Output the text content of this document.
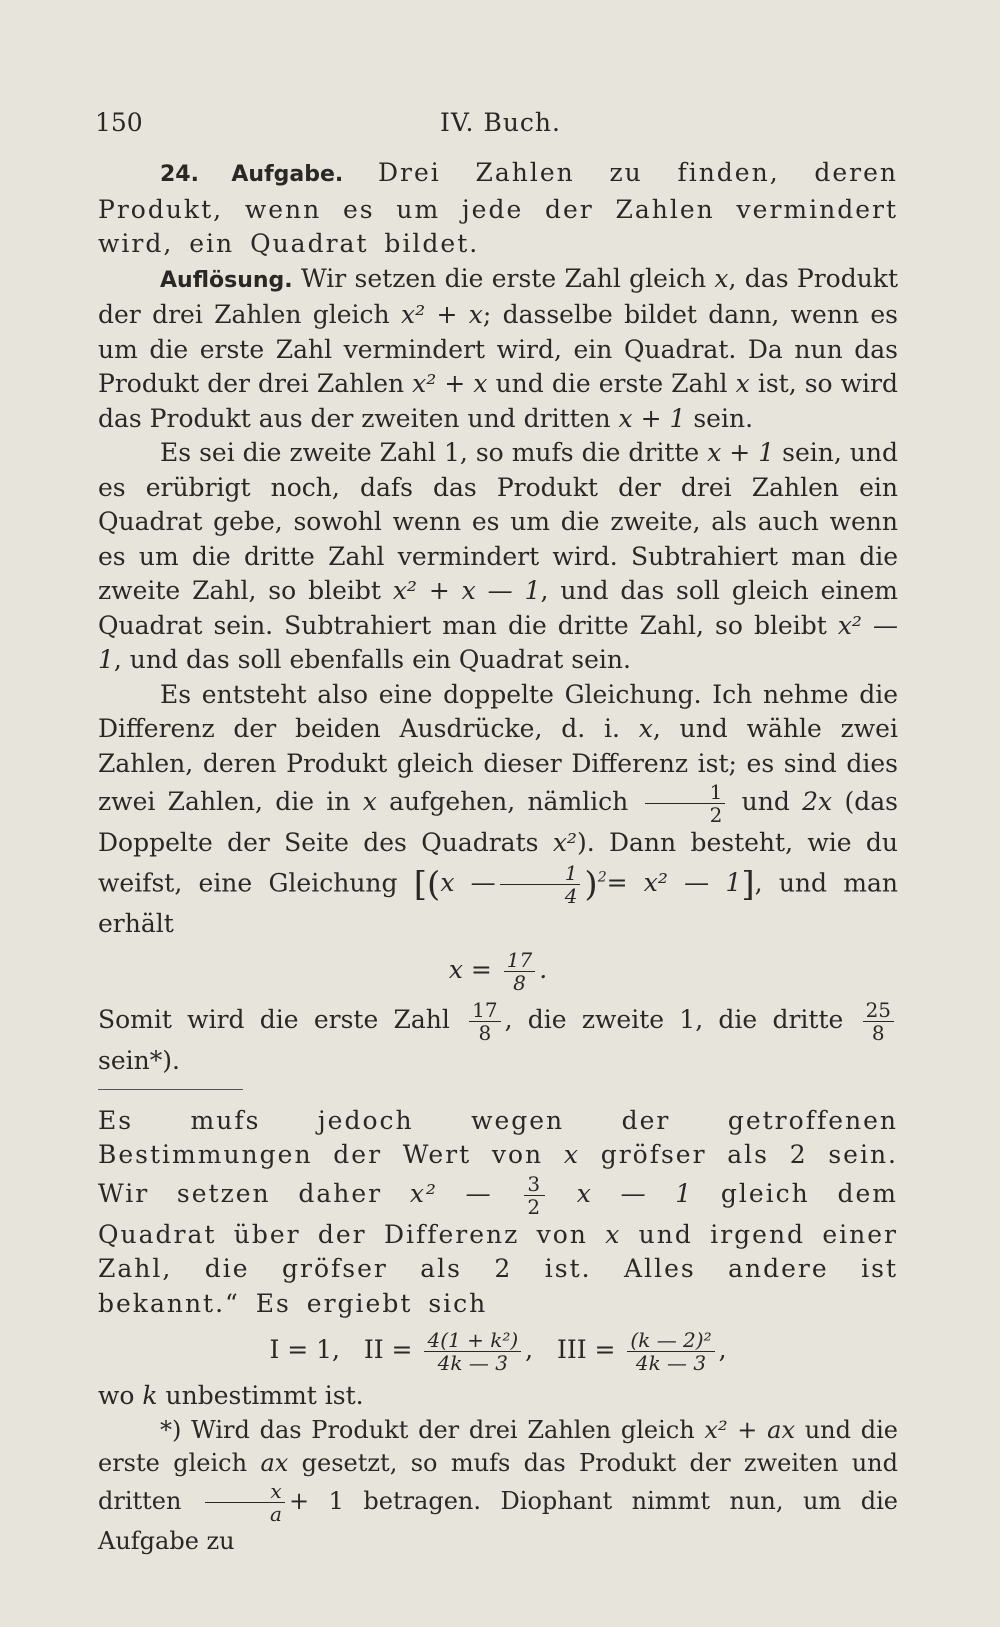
150	IV. Buch.

24. Aufgabe. Drei Zahlen zu finden, deren Produkt, wenn es um jede der Zahlen vermindert wird, ein Quadrat bildet.

Auflösung. Wir setzen die erste Zahl gleich x, das Produkt der drei Zahlen gleich x² + x; dasselbe bildet dann, wenn es um die erste Zahl vermindert wird, ein Quadrat. Da nun das Produkt der drei Zahlen x² + x und die erste Zahl x ist, so wird das Produkt aus der zweiten und dritten x + 1 sein.

Es sei die zweite Zahl 1, so mufs die dritte x + 1 sein, und es erübrigt noch, dafs das Produkt der drei Zahlen ein Quadrat gebe, sowohl wenn es um die zweite, als auch wenn es um die dritte Zahl vermindert wird. Subtrahiert man die zweite Zahl, so bleibt x² + x — 1, und das soll gleich einem Quadrat sein. Subtrahiert man die dritte Zahl, so bleibt x² — 1, und das soll ebenfalls ein Quadrat sein.

Es entsteht also eine doppelte Gleichung. Ich nehme die Differenz der beiden Ausdrücke, d. i. x, und wähle zwei Zahlen, deren Produkt gleich dieser Differenz ist; es sind dies zwei Zahlen, die in x aufgehen, nämlich $\frac{1}{2}$ und 2x (das Doppelte der Seite des Quadrats x²). Dann besteht, wie du weifst, eine Gleichung [(x — $\frac{1}{4} )^2= x^2$ — 1], und man erhält

$x = \frac{17}{8}$ .

Somit wird die erste Zahl $\frac{17}{8}$ , die zweite 1, die dritte $\frac{25}{8}$
sein*).

Es mufs jedoch wegen der getroffenen Bestimmungen der Wert von x gröfser als 2 sein. Wir setzen daher x² — $\frac{3}{2}$ x — 1 gleich dem Quadrat über der Differenz von x und irgend einer Zahl, die gröfser als 2 ist. Alles andere ist bekannt.“ Es ergiebt sich

I = 1, II = $\frac{\text{4(1 + k²)}}{4k — 3}$ ,   III = $\frac{\text{(k — 2)²}}{4k — 3}$ ,

wo k unbestimmt ist.

*) Wird das Produkt der drei Zahlen gleich x² + ax und die erste gleich ax gesetzt, so mufs das Produkt der zweiten und dritten $\frac{x}{a} + 1$ betragen. Diophant nimmt nun, um die Aufgabe zu
